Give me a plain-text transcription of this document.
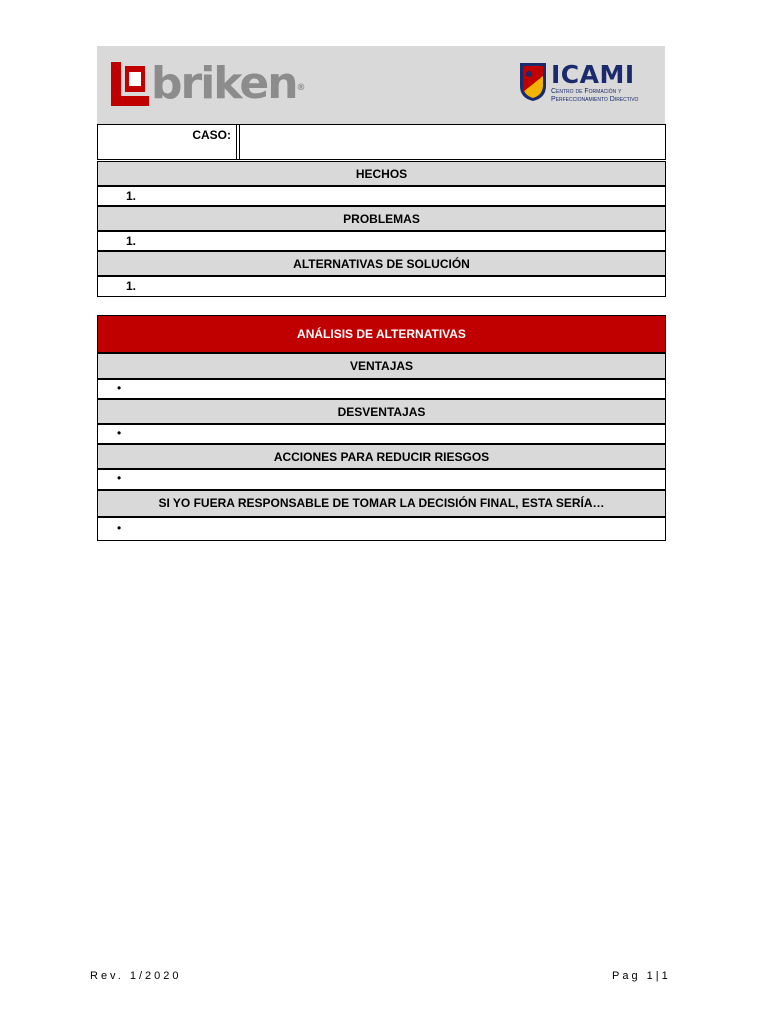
briken ®	ICAMI
Centro de Formación y
Perfeccionamiento Directivo
CASO:
HECHOS
1.
PROBLEMAS
1.
ALTERNATIVAS DE SOLUCIÓN
1.
ANÁLISIS DE ALTERNATIVAS
VENTAJAS
•
DESVENTAJAS
•
ACCIONES PARA REDUCIR RIESGOS
•
SI YO FUERA RESPONSABLE DE TOMAR LA DECISIÓN FINAL, ESTA SERÍA…
•
Rev. 1/2020	Pag 1|1
